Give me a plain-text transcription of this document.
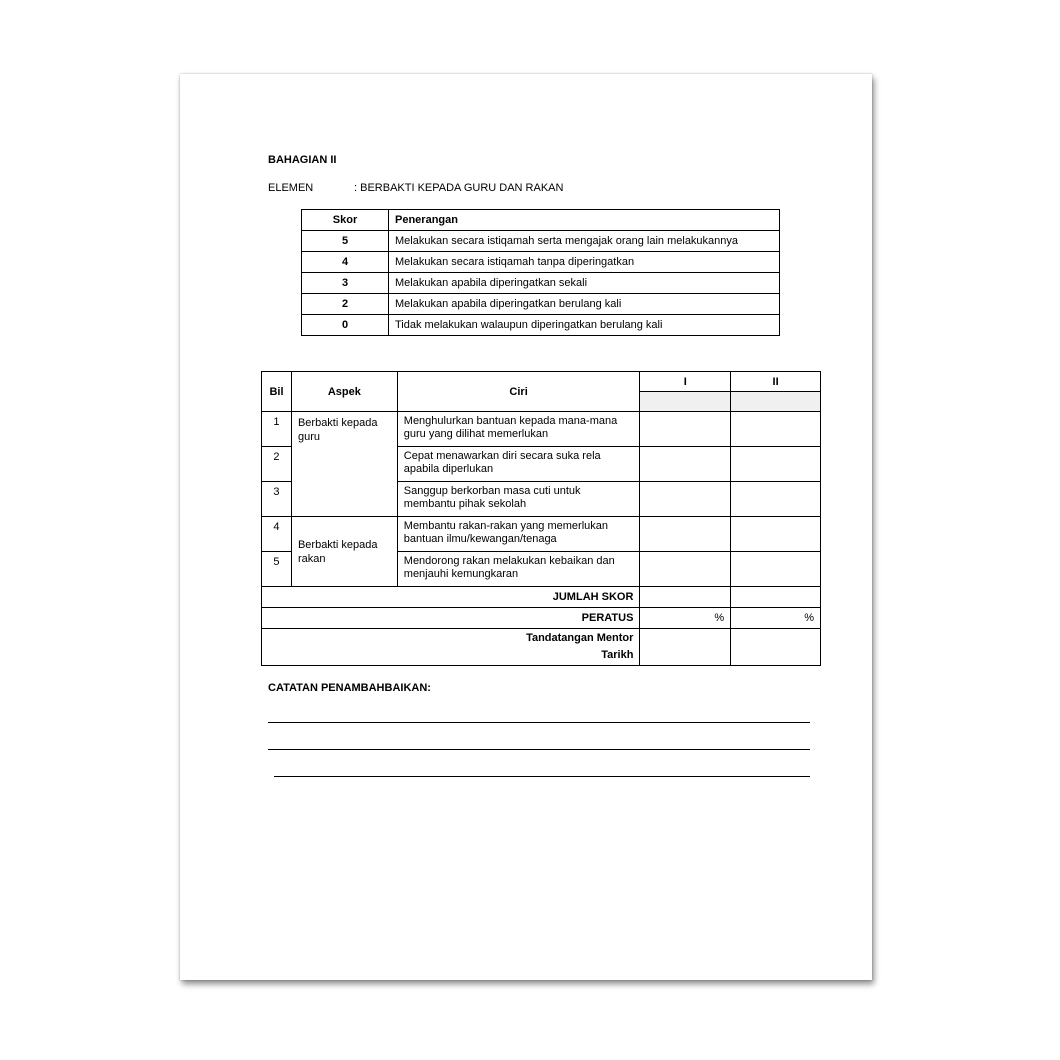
BAHAGIAN II
ELEMEN	: BERBAKTI KEPADA GURU DAN RAKAN
Skor	Penerangan
5	Melakukan secara istiqamah serta mengajak orang lain melakukannya
4	Melakukan secara istiqamah tanpa diperingatkan
3	Melakukan apabila diperingatkan sekali
2	Melakukan apabila diperingatkan berulang kali
0	Tidak melakukan walaupun diperingatkan berulang kali
Bil	Aspek	Ciri	I	II

1	Berbakti kepada guru	Menghulurkan bantuan kepada mana-mana guru yang dilihat memerlukan		
2		Cepat menawarkan diri secara suka rela apabila diperlukan		
3		Sanggup berkorban masa cuti untuk membantu pihak sekolah		
4	Berbakti kepada rakan	Membantu rakan-rakan yang memerlukan bantuan ilmu/kewangan/tenaga		
5		Mendorong rakan melakukan kebaikan dan menjauhi kemungkaran		
JUMLAH SKOR				
PERATUS			%	%

Tandatangan Mentor
Tarikh				

CATATAN PENAMBAHBAIKAN:
